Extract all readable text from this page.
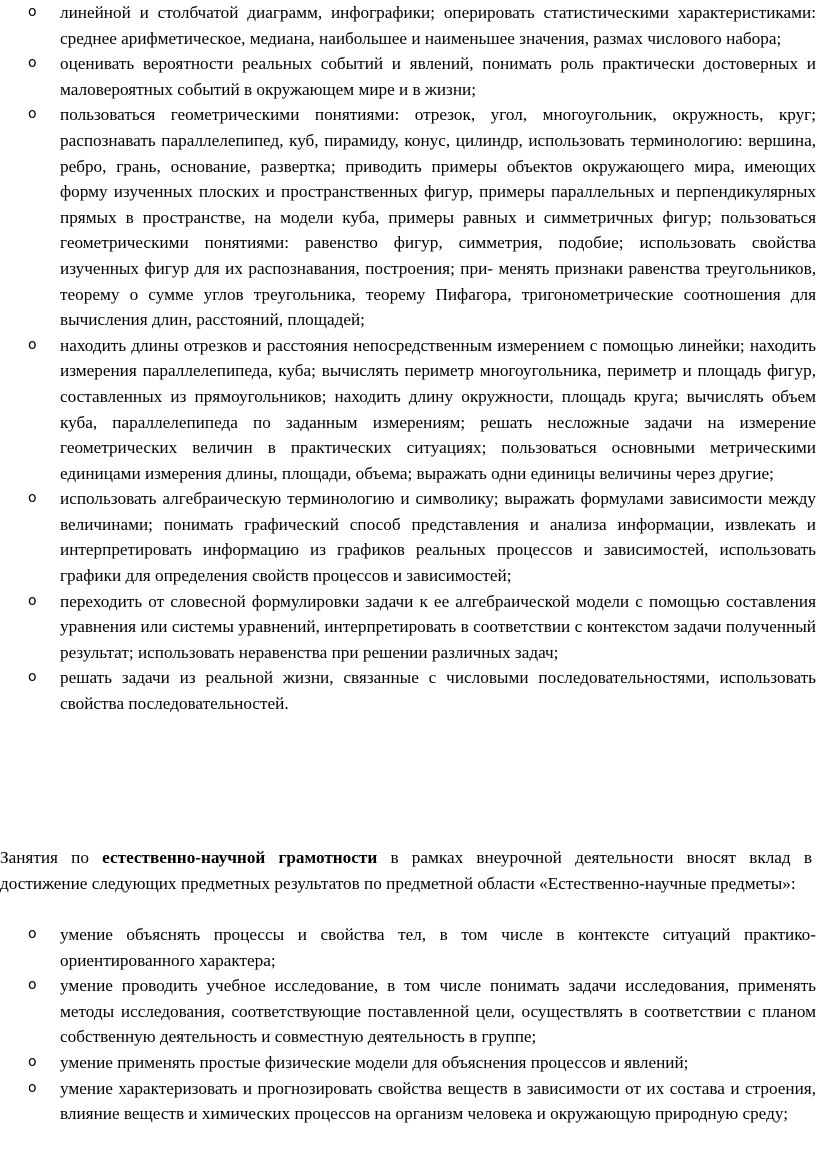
o линейной и столбчатой диаграмм, инфографики; оперировать статистическими характеристиками: среднее арифметическое, медиана, наибольшее и наименьшее значения, размах числового набора;
o оценивать вероятности реальных событий и явлений, понимать роль практически достоверных и маловероятных событий в окружающем мире и в жизни;
o пользоваться геометрическими понятиями: отрезок, угол, многоугольник, окружность, круг; распознавать параллелепипед, куб, пирамиду, конус, цилиндр, использовать терминологию: вершина, ребро, грань, основание, развертка; приводить примеры объектов окружающего мира, имеющих форму изученных плоских и пространственных фигур, примеры параллельных и перпендикулярных прямых в пространстве, на модели куба, примеры равных и симметричных фигур; пользоваться геометрическими понятиями: равенство фигур, симметрия, подобие; использовать свойства изученных фигур для их распознавания, построения; при- менять признаки равенства треугольников, теорему о сумме углов треугольника, теорему Пифагора, тригонометрические соотношения для вычисления длин, расстояний, площадей;
o находить длины отрезков и расстояния непосредственным измерением с помощью линейки; находить измерения параллелепипеда, куба; вычислять периметр многоугольника, периметр и площадь фигур, составленных из прямоугольников; находить длину окружности, площадь круга; вычислять объем куба, параллелепипеда по заданным измерениям; решать несложные задачи на измерение геометрических величин в практических ситуациях; пользоваться основными метрическими единицами измерения длины, площади, объема; выражать одни единицы величины через другие;
o использовать алгебраическую терминологию и символику; выражать формулами зависимости между величинами; понимать графический способ представления и анализа информации, извлекать и интерпретировать информацию из графиков реальных процессов и зависимостей, использовать графики для определения свойств процессов и зависимостей;
o переходить от словесной формулировки задачи к ее алгебраической модели с помощью составления уравнения или системы уравнений, интерпретировать в соответствии с контекстом задачи полученный результат; использовать неравенства при решении различных задач;
o решать задачи из реальной жизни, связанные с числовыми последовательностями, использовать свойства последовательностей.

Занятия по естественно-научной грамотности в рамках внеурочной деятельности вносят вклад в достижение следующих предметных результатов по предметной области «Естественно-научные предметы»:

o умение объяснять процессы и свойства тел, в том числе в контексте ситуаций практико-ориентированного характера;
o умение проводить учебное исследование, в том числе понимать задачи исследования, применять методы исследования, соответствующие поставленной цели, осуществлять в соответствии с планом собственную деятельность и совместную деятельность в группе;
o умение применять простые физические модели для объяснения процессов и явлений;
o умение характеризовать и прогнозировать свойства веществ в зависимости от их состава и строения, влияние веществ и химических процессов на организм человека и окружающую природную среду;
